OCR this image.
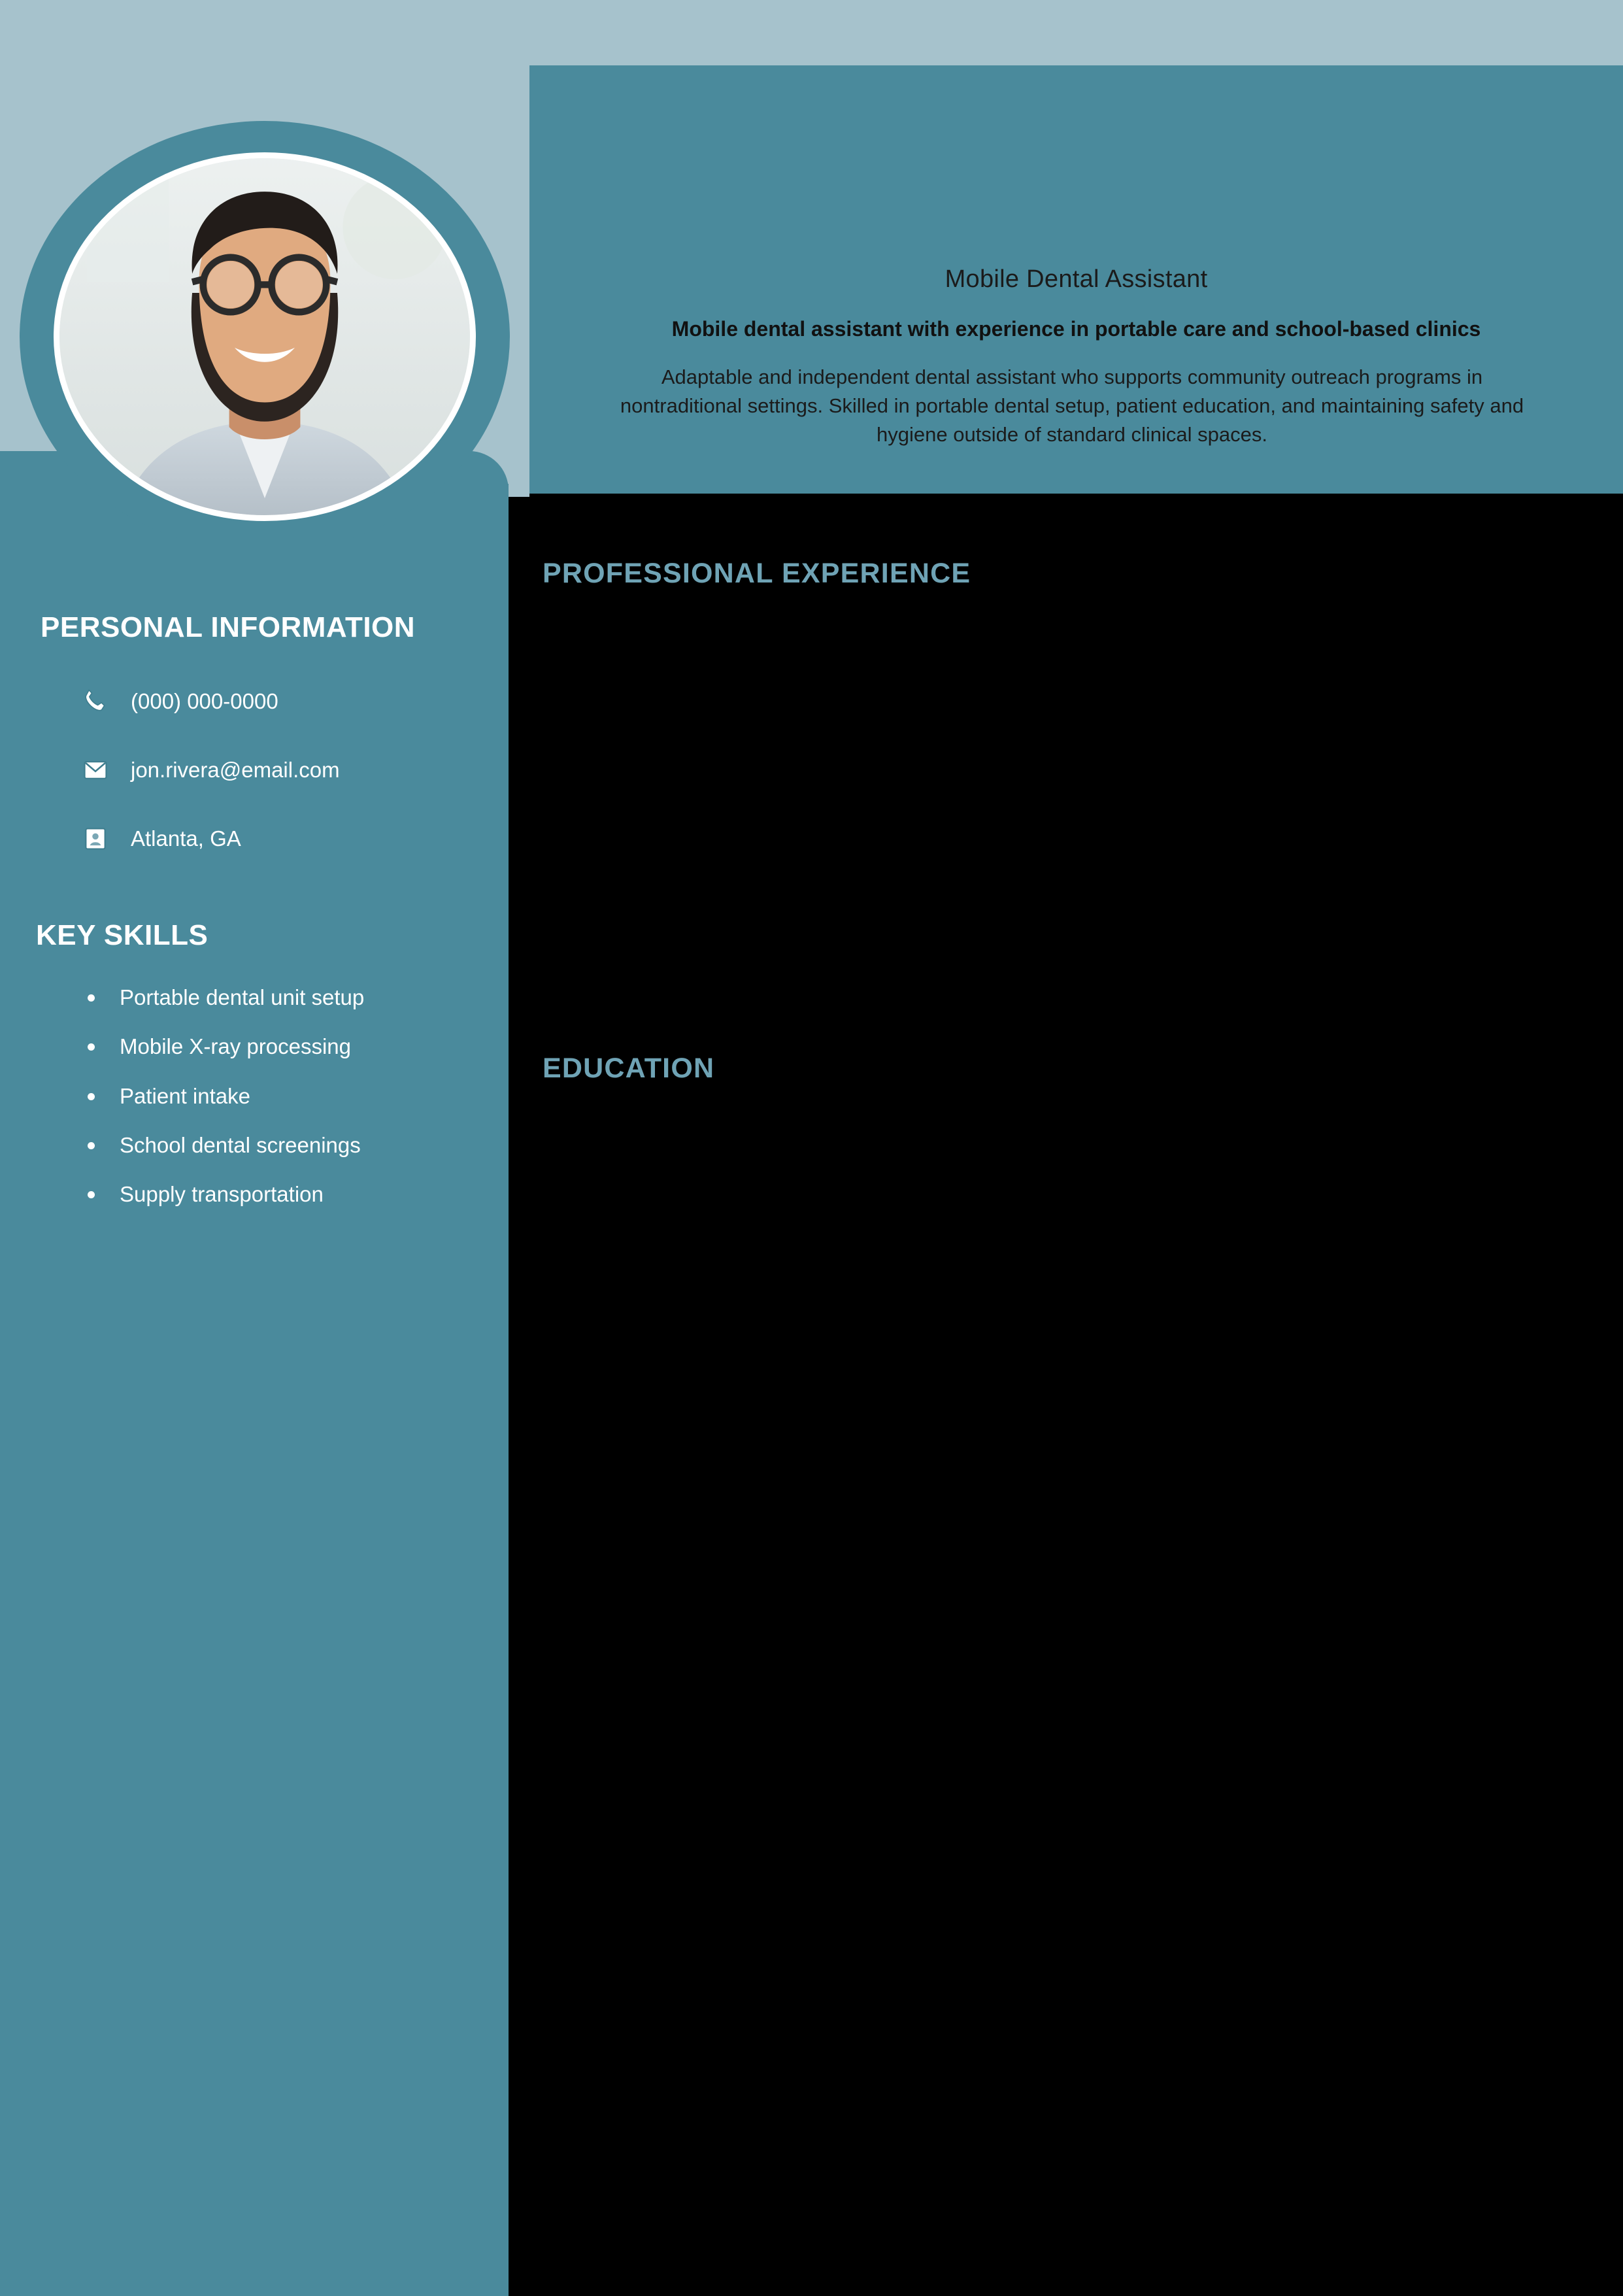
Mobile Dental Assistant
Mobile dental assistant with experience in portable care and school-based clinics
Adaptable and independent dental assistant who supports community outreach programs in nontraditional settings. Skilled in portable dental setup, patient education, and maintaining safety and hygiene outside of standard clinical spaces.
PERSONAL INFORMATION
(000) 000-0000
jon.rivera@email.com
Atlanta, GA
KEY SKILLS
Portable dental unit setup
Mobile X-ray processing
Patient intake
School dental screenings
Supply transportation
PROFESSIONAL EXPERIENCE
EDUCATION
